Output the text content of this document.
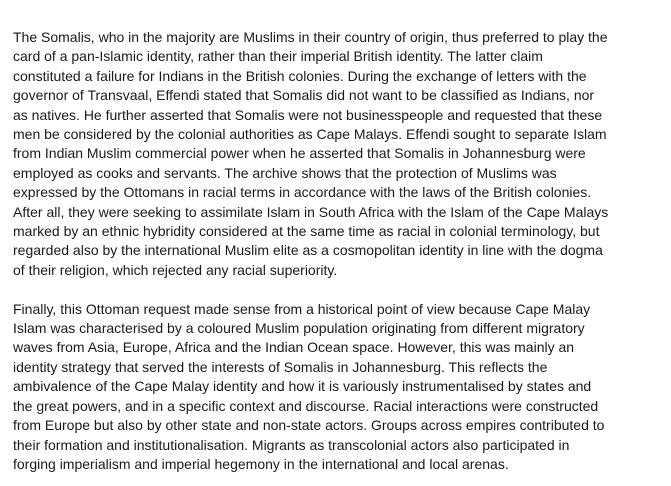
The Somalis, who in the majority are Muslims in their country of origin, thus preferred to play the
card of a pan-Islamic identity, rather than their imperial British identity. The latter claim
constituted a failure for Indians in the British colonies. During the exchange of letters with the
governor of Transvaal, Effendi stated that Somalis did not want to be classified as Indians, nor
as natives. He further asserted that Somalis were not businesspeople and requested that these
men be considered by the colonial authorities as Cape Malays. Effendi sought to separate Islam
from Indian Muslim commercial power when he asserted that Somalis in Johannesburg were
employed as cooks and servants. The archive shows that the protection of Muslims was
expressed by the Ottomans in racial terms in accordance with the laws of the British colonies.
After all, they were seeking to assimilate Islam in South Africa with the Islam of the Cape Malays
marked by an ethnic hybridity considered at the same time as racial in colonial terminology, but
regarded also by the international Muslim elite as a cosmopolitan identity in line with the dogma
of their religion, which rejected any racial superiority.

Finally, this Ottoman request made sense from a historical point of view because Cape Malay
Islam was characterised by a coloured Muslim population originating from different migratory
waves from Asia, Europe, Africa and the Indian Ocean space. However, this was mainly an
identity strategy that served the interests of Somalis in Johannesburg. This reflects the
ambivalence of the Cape Malay identity and how it is variously instrumentalised by states and
the great powers, and in a specific context and discourse. Racial interactions were constructed
from Europe but also by other state and non-state actors. Groups across empires contributed to
their formation and institutionalisation. Migrants as transcolonial actors also participated in
forging imperialism and imperial hegemony in the international and local arenas.
